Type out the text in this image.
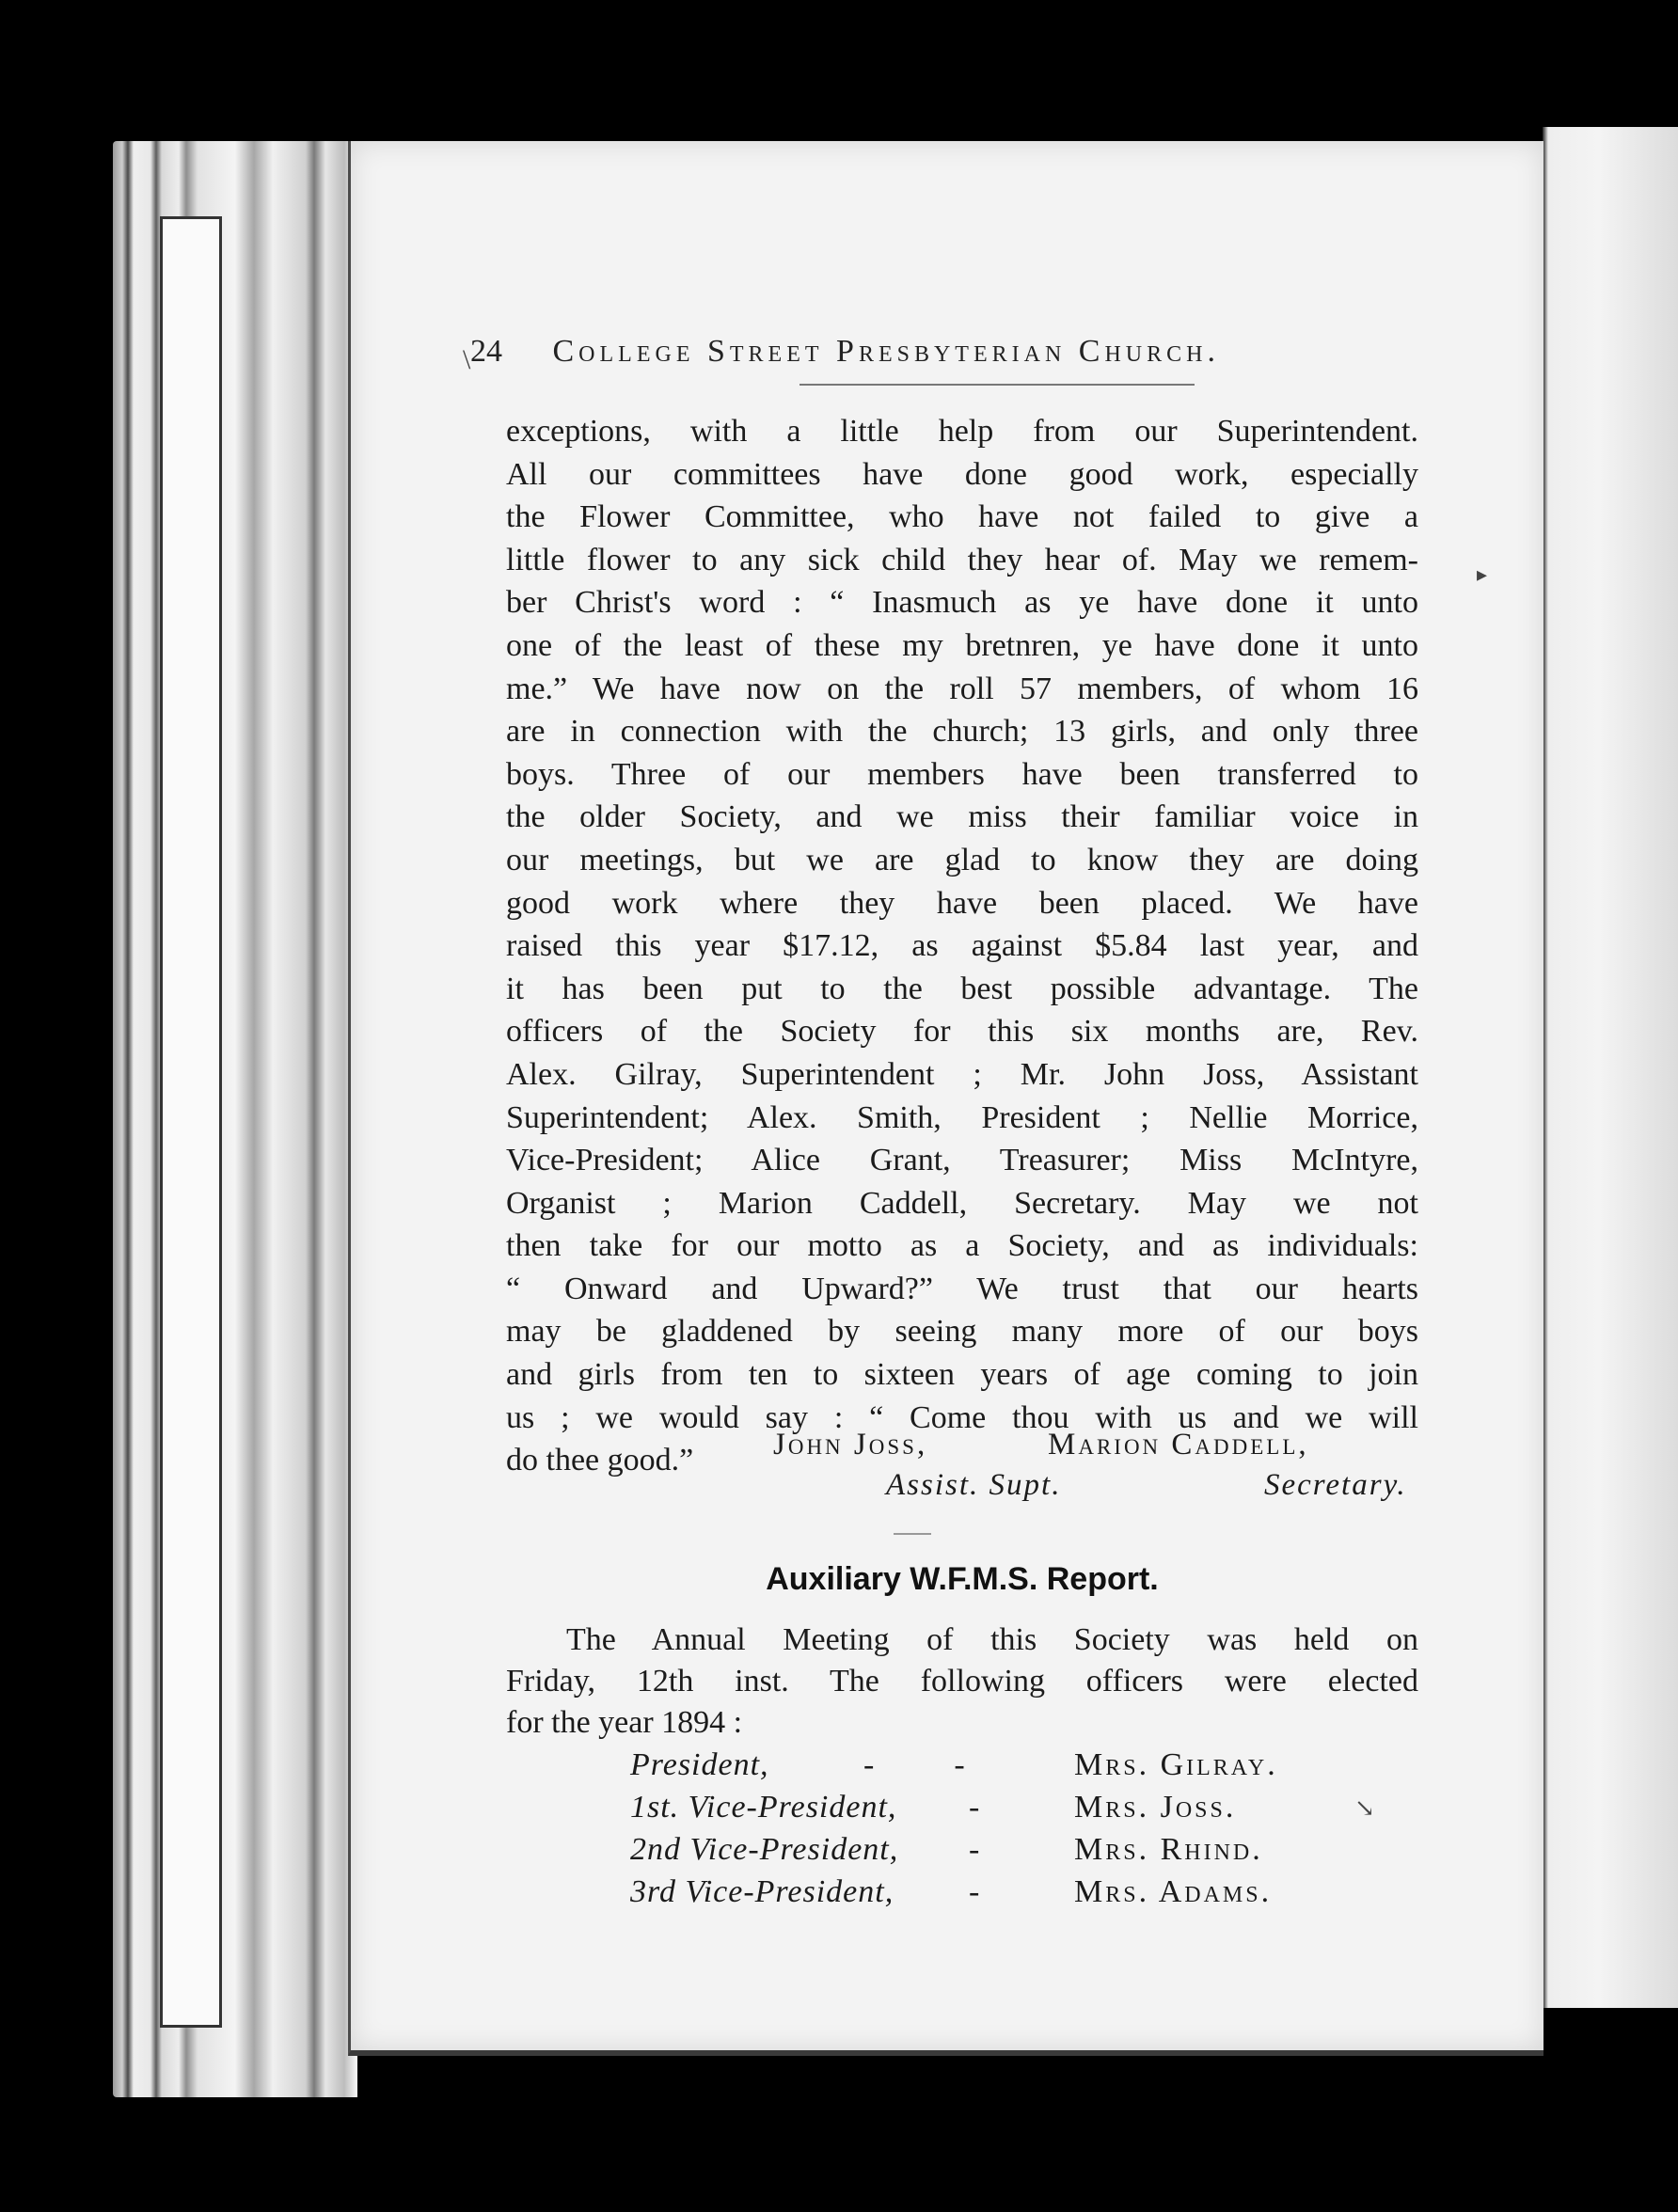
\
▸
↘
24 College Street Presbyterian Church.
exceptions, with a little help from our Superintendent.
All our committees have done good work, especially
the Flower Committee, who have not failed to give a
little flower to any sick child they hear of. May we remem-
ber Christ's word : “ Inasmuch as ye have done it unto
one of the least of these my bretnren, ye have done it unto
me.” We have now on the roll 57 members, of whom 16
are in connection with the church; 13 girls, and only three
boys. Three of our members have been transferred to
the older Society, and we miss their familiar voice in
our meetings, but we are glad to know they are doing
good work where they have been placed. We have
raised this year $17.12, as against $5.84 last year, and
it has been put to the best possible advantage. The
officers of the Society for this six months are, Rev.
Alex. Gilray, Superintendent ; Mr. John Joss, Assistant
Superintendent; Alex. Smith, President ; Nellie Morrice,
Vice-President; Alice Grant, Treasurer; Miss McIntyre,
Organist ; Marion Caddell, Secretary. May we not
then take for our motto as a Society, and as individuals:
“ Onward and Upward?” We trust that our hearts
may be gladdened by seeing many more of our boys
and girls from ten to sixteen years of age coming to join
us ; we would say : “ Come thou with us and we will
do thee good.”	John Joss,	Marion Caddell,
Assist. Supt.	Secretary.
Auxiliary W.F.M.S. Report.
The Annual Meeting of this Society was held on
Friday, 12th inst. The following officers were elected
for the year 1894 :
President,	-          -	Mrs. Gilray.
1st. Vice-President, -	Mrs. Joss.
2nd Vice-President, -	Mrs. Rhind.
3rd Vice-President, -	Mrs. Adams.
